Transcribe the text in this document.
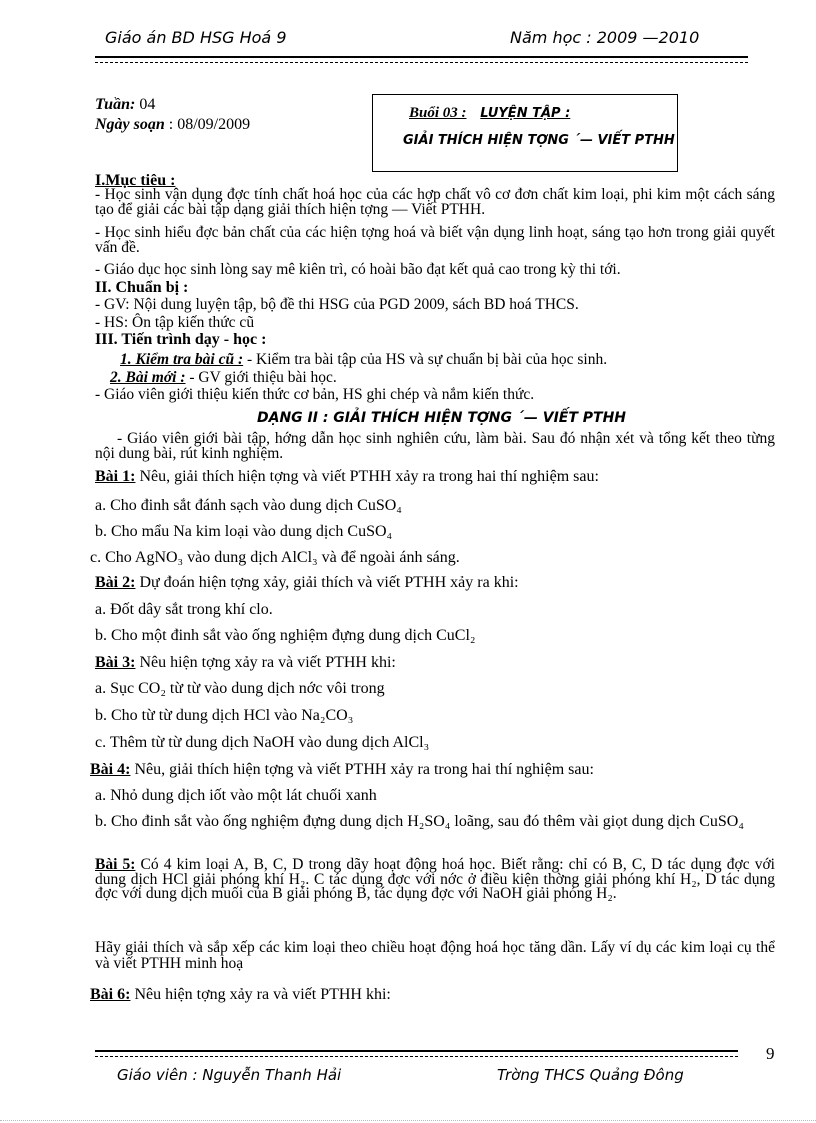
Giáo án BD HSG Hoá 9	Năm học : 2009 —2010
Tuần: 04
Ngày soạn : 08/09/2009
Buổi 03 : LUYỆN TẬP :
GIẢI THÍCH HIỆN TỢNG ˊ— VIẾT PTHH
I.Mục tiêu :
- Học sinh vận dụng đợc tính chất hoá học của các hợp chất vô cơ đơn chất kim loại, phi kim một cách sáng tạo để giải các bài tập dạng giải thích hiện tợng — Viết PTHH.
- Học sinh hiểu đợc bản chất của các hiện tợng hoá và biết vận dụng linh hoạt, sáng tạo hơn trong giải quyết vấn đề.
- Giáo dục học sinh lòng say mê kiên trì, có hoài bão đạt kết quả cao trong kỳ thi tới.
II. Chuẩn bị :
- GV: Nội dung luyện tập, bộ đề thi HSG của PGD 2009, sách BD hoá THCS.
- HS: Ôn tập kiến thức cũ
III. Tiến trình dạy - học :
1. Kiểm tra bài cũ : - Kiểm tra bài tập của HS và sự chuẩn bị bài của học sinh.
2. Bài mới : - GV giới thiệu bài học.
- Giáo viên giới thiệu kiến thức cơ bản, HS ghi chép và nắm kiến thức.
DẠNG II : GIẢI THÍCH HIỆN TỢNG ˊ— VIẾT PTHH
- Giáo viên giới bài tập, hớng dẫn học sinh nghiên cứu, làm bài. Sau đó nhận xét và tổng kết theo từng nội dung bài, rút kinh nghiệm.
Bài 1: Nêu, giải thích hiện tợng và viết PTHH xảy ra trong hai thí nghiệm sau:
a. Cho đinh sắt đánh sạch vào dung dịch CuSO₄
b. Cho mẩu Na kim loại vào dung dịch CuSO₄
c. Cho AgNO₃ vào dung dịch AlCl₃ và để ngoài ánh sáng.
Bài 2: Dự đoán hiện tợng xảy, giải thích và viết PTHH xảy ra khi:
a. Đốt dây sắt trong khí clo.
b. Cho một đinh sắt vào ống nghiệm đựng dung dịch CuCl₂
Bài 3: Nêu hiện tợng xảy ra và viết PTHH khi:
a. Sục CO₂ từ từ vào dung dịch nớc vôi trong
b. Cho từ từ dung dịch HCl vào Na₂CO₃
c. Thêm từ từ dung dịch NaOH vào dung dịch AlCl₃
Bài 4: Nêu, giải thích hiện tợng và viết PTHH xảy ra trong hai thí nghiệm sau:
a. Nhỏ dung dịch iốt vào một lát chuối xanh
b. Cho đinh sắt vào ống nghiệm đựng dung dịch H₂SO₄ loãng, sau đó thêm vài giọt dung dịch CuSO₄
Bài 5: Có 4 kim loại A, B, C, D trong dãy hoạt động hoá học. Biết rằng: chỉ có B, C, D tác dụng đợc với dung dịch HCl giải phóng khí H₂. C tác dụng đợc với nớc ở điều kiện thờng giải phóng khí H₂, D tác dụng đợc với dung dịch muối của B giải phóng B, tác dụng đợc với NaOH giải phóng H₂.
Hãy giải thích và sắp xếp các kim loại theo chiều hoạt động hoá học tăng dần. Lấy ví dụ các kim loại cụ thể và viết PTHH minh hoạ
Bài 6: Nêu hiện tợng xảy ra và viết PTHH khi:
9
Giáo viên : Nguyễn Thanh Hải	Trờng THCS Quảng Đông
